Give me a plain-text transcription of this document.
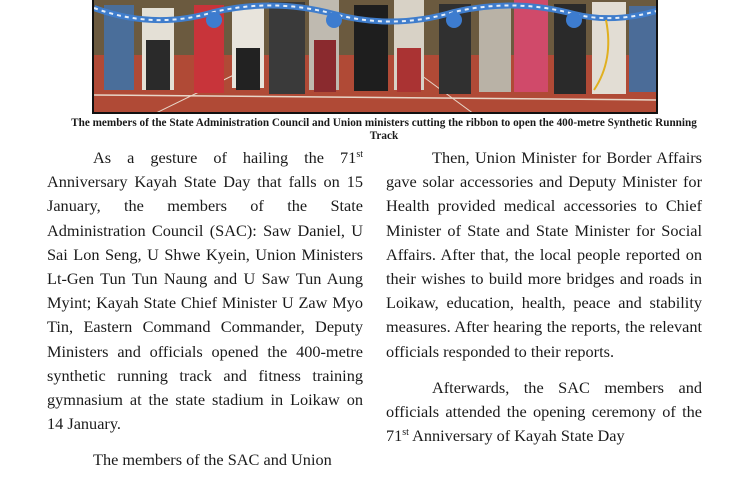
The members of the State Administration Council and Union ministers cutting the ribbon to open the 400-metre Synthetic Running Track

As a gesture of hailing the 71st Anniversary Kayah State Day that falls on 15 January, the members of the State Administration Council (SAC): Saw Daniel, U Sai Lon Seng, U Shwe Kyein, Union Ministers Lt-Gen Tun Tun Naung and U Saw Tun Aung Myint; Kayah State Chief Minister U Zaw Myo Tin, Eastern Command Commander, Deputy Ministers and officials opened the 400-metre synthetic running track and fitness training gymnasium at the state stadium in Loikaw on 14 January.

The members of the SAC and Union

Then, Union Minister for Border Affairs gave solar accessories and Deputy Minister for Health provided medical accessories to Chief Minister of State and State Minister for Social Affairs. After that, the local people reported on their wishes to build more bridges and roads in Loikaw, education, health, peace and stability measures. After hearing the reports, the relevant officials responded to their reports.

Afterwards, the SAC members and officials attended the opening ceremony of the 71st Anniversary of Kayah State Day
